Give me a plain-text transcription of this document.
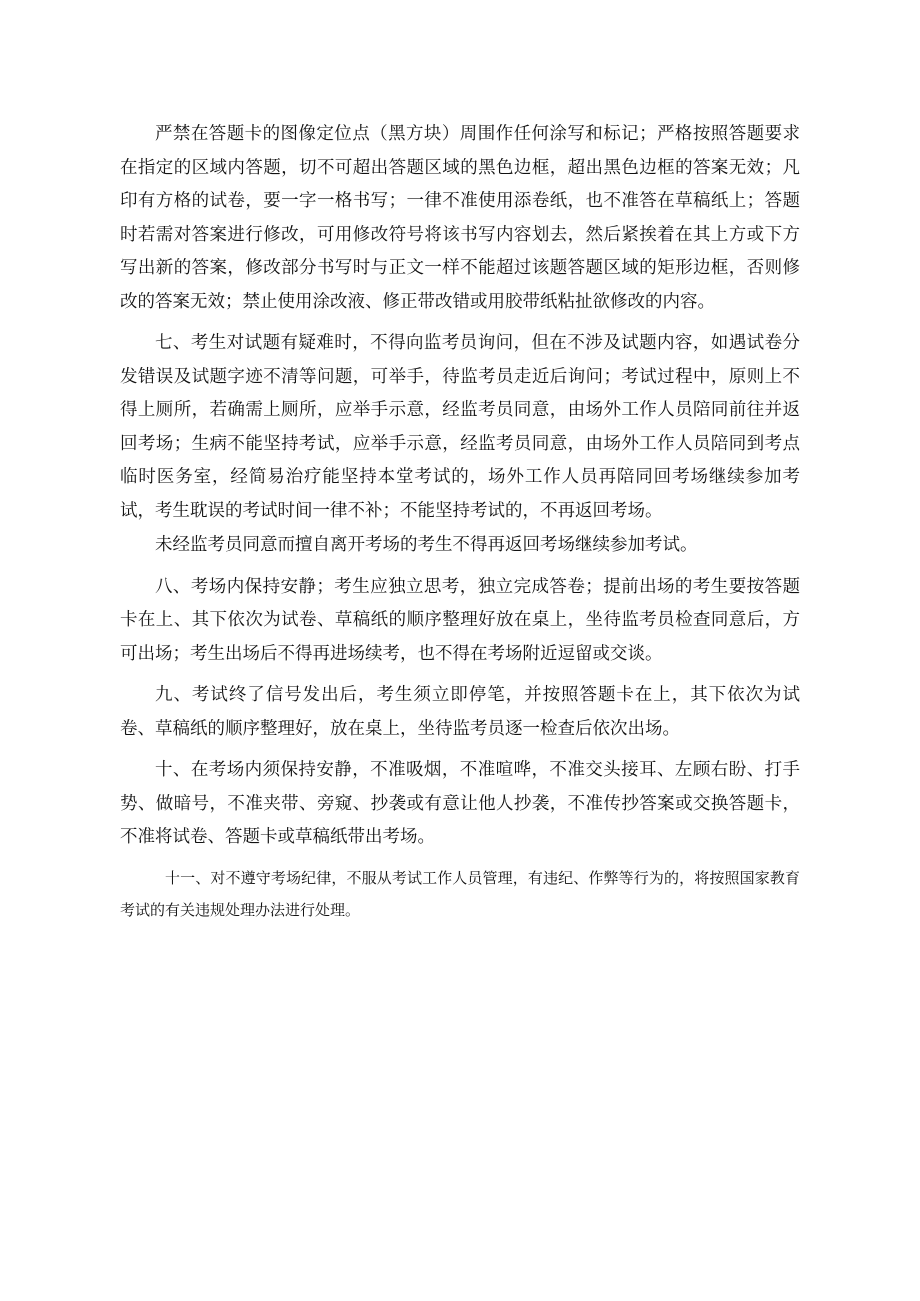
严禁在答题卡的图像定位点（黑方块）周围作任何涂写和标记；严格按照答题要求在指定的区域内答题，切不可超出答题区域的黑色边框，超出黑色边框的答案无效；凡印有方格的试卷，要一字一格书写；一律不准使用添卷纸，也不准答在草稿纸上；答题时若需对答案进行修改，可用修改符号将该书写内容划去，然后紧挨着在其上方或下方写出新的答案，修改部分书写时与正文一样不能超过该题答题区域的矩形边框，否则修改的答案无效；禁止使用涂改液、修正带改错或用胶带纸粘扯欲修改的内容。

七、考生对试题有疑难时，不得向监考员询问，但在不涉及试题内容，如遇试卷分发错误及试题字迹不清等问题，可举手，待监考员走近后询问；考试过程中，原则上不得上厕所，若确需上厕所，应举手示意，经监考员同意，由场外工作人员陪同前往并返回考场；生病不能坚持考试，应举手示意，经监考员同意，由场外工作人员陪同到考点临时医务室，经简易治疗能坚持本堂考试的，场外工作人员再陪同回考场继续参加考试，考生耽误的考试时间一律不补；不能坚持考试的，不再返回考场。

未经监考员同意而擅自离开考场的考生不得再返回考场继续参加考试。

八、考场内保持安静；考生应独立思考，独立完成答卷；提前出场的考生要按答题卡在上、其下依次为试卷、草稿纸的顺序整理好放在桌上，坐待监考员检查同意后，方可出场；考生出场后不得再进场续考，也不得在考场附近逗留或交谈。

九、考试终了信号发出后，考生须立即停笔，并按照答题卡在上，其下依次为试卷、草稿纸的顺序整理好，放在桌上，坐待监考员逐一检查后依次出场。

十、在考场内须保持安静，不准吸烟，不准喧哗，不准交头接耳、左顾右盼、打手势、做暗号，不准夹带、旁窥、抄袭或有意让他人抄袭，不准传抄答案或交换答题卡，不准将试卷、答题卡或草稿纸带出考场。

十一、对不遵守考场纪律，不服从考试工作人员管理，有违纪、作弊等行为的，将按照国家教育考试的有关违规处理办法进行处理。
